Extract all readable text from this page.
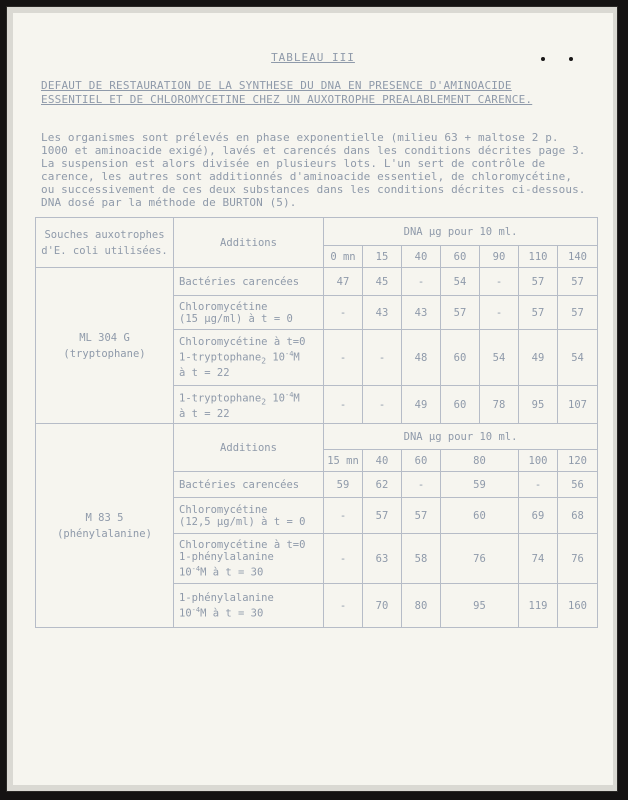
TABLEAU III
DEFAUT DE RESTAURATION DE LA SYNTHESE DU DNA EN PRESENCE D'AMINOACIDE ESSENTIEL ET DE CHLOROMYCETINE CHEZ UN AUXOTROPHE PREALABLEMENT CARENCE.
Les organismes sont prélevés en phase exponentielle (milieu 63 + maltose 2 p. 1000 et aminoacide exigé), lavés et carencés dans les conditions décrites page 3. La suspension est alors divisée en plusieurs lots. L'un sert de contrôle de carence, les autres sont additionnés d'aminoacide essentiel, de chloromycétine, ou successivement de ces deux substances dans les conditions décrites ci-dessous. DNA dosé par la méthode de BURTON (5).
Souches auxotrophes d'E. coli utilisées.	Additions	DNA µg pour 10 ml.						
		0 mn	15	40	60	90	110	140

ML 304 G
(tryptophane)	Bactéries carencées	47	45	-	54	-	57	57

	Chloromycétine
(15 µg/ml) à t = 0	-	43	43	57	-	57	57

	Chloromycétine à t=0
1-tryptophane$_2$ $10^{-4}M$
à t = 22	-	-	48	60	54	49	54

	1-tryptophane$_2$ $10^{-4}M$
à t = 22	-	-	49	60	78	95	107

M 83 5
(phénylalanine)	Additions	DNA µg pour 10 ml.						
		15 mn	40	60	80		100	120
	Bactéries carencées	59	62	-	59		-	56

	Chloromycétine
(12,5 µg/ml) à t = 0	-	57	57	60		69	68

	Chloromycétine à t=0
1-phénylalanine
$10^{-4}M$ à t = 30	-	63	58	76		74	76

	1-phénylalanine
$10^{-4}M$ à t = 30	-	70	80	95		119	160
